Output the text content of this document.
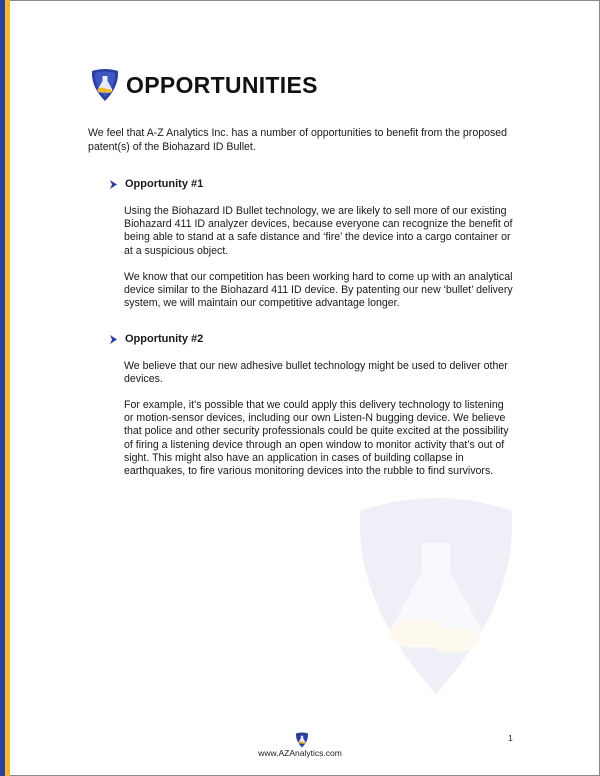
OPPORTUNITIES
We feel that A-Z Analytics Inc. has a number of opportunities to benefit from the proposed patent(s) of the Biohazard ID Bullet.
Opportunity #1
Using the Biohazard ID Bullet technology, we are likely to sell more of our existing Biohazard 411 ID analyzer devices, because everyone can recognize the benefit of being able to stand at a safe distance and ‘fire’ the device into a cargo container or at a suspicious object.
We know that our competition has been working hard to come up with an analytical device similar to the Biohazard 411 ID device. By patenting our new ‘bullet’ delivery system, we will maintain our competitive advantage longer.
Opportunity #2
We believe that our new adhesive bullet technology might be used to deliver other devices.
For example, it’s possible that we could apply this delivery technology to listening or motion-sensor devices, including our own Listen-N bugging device. We believe that police and other security professionals could be quite excited at the possibility of firing a listening device through an open window to monitor activity that’s out of sight. This might also have an application in cases of building collapse in earthquakes, to fire various monitoring devices into the rubble to find survivors.
www.AZAnalytics.com
1
